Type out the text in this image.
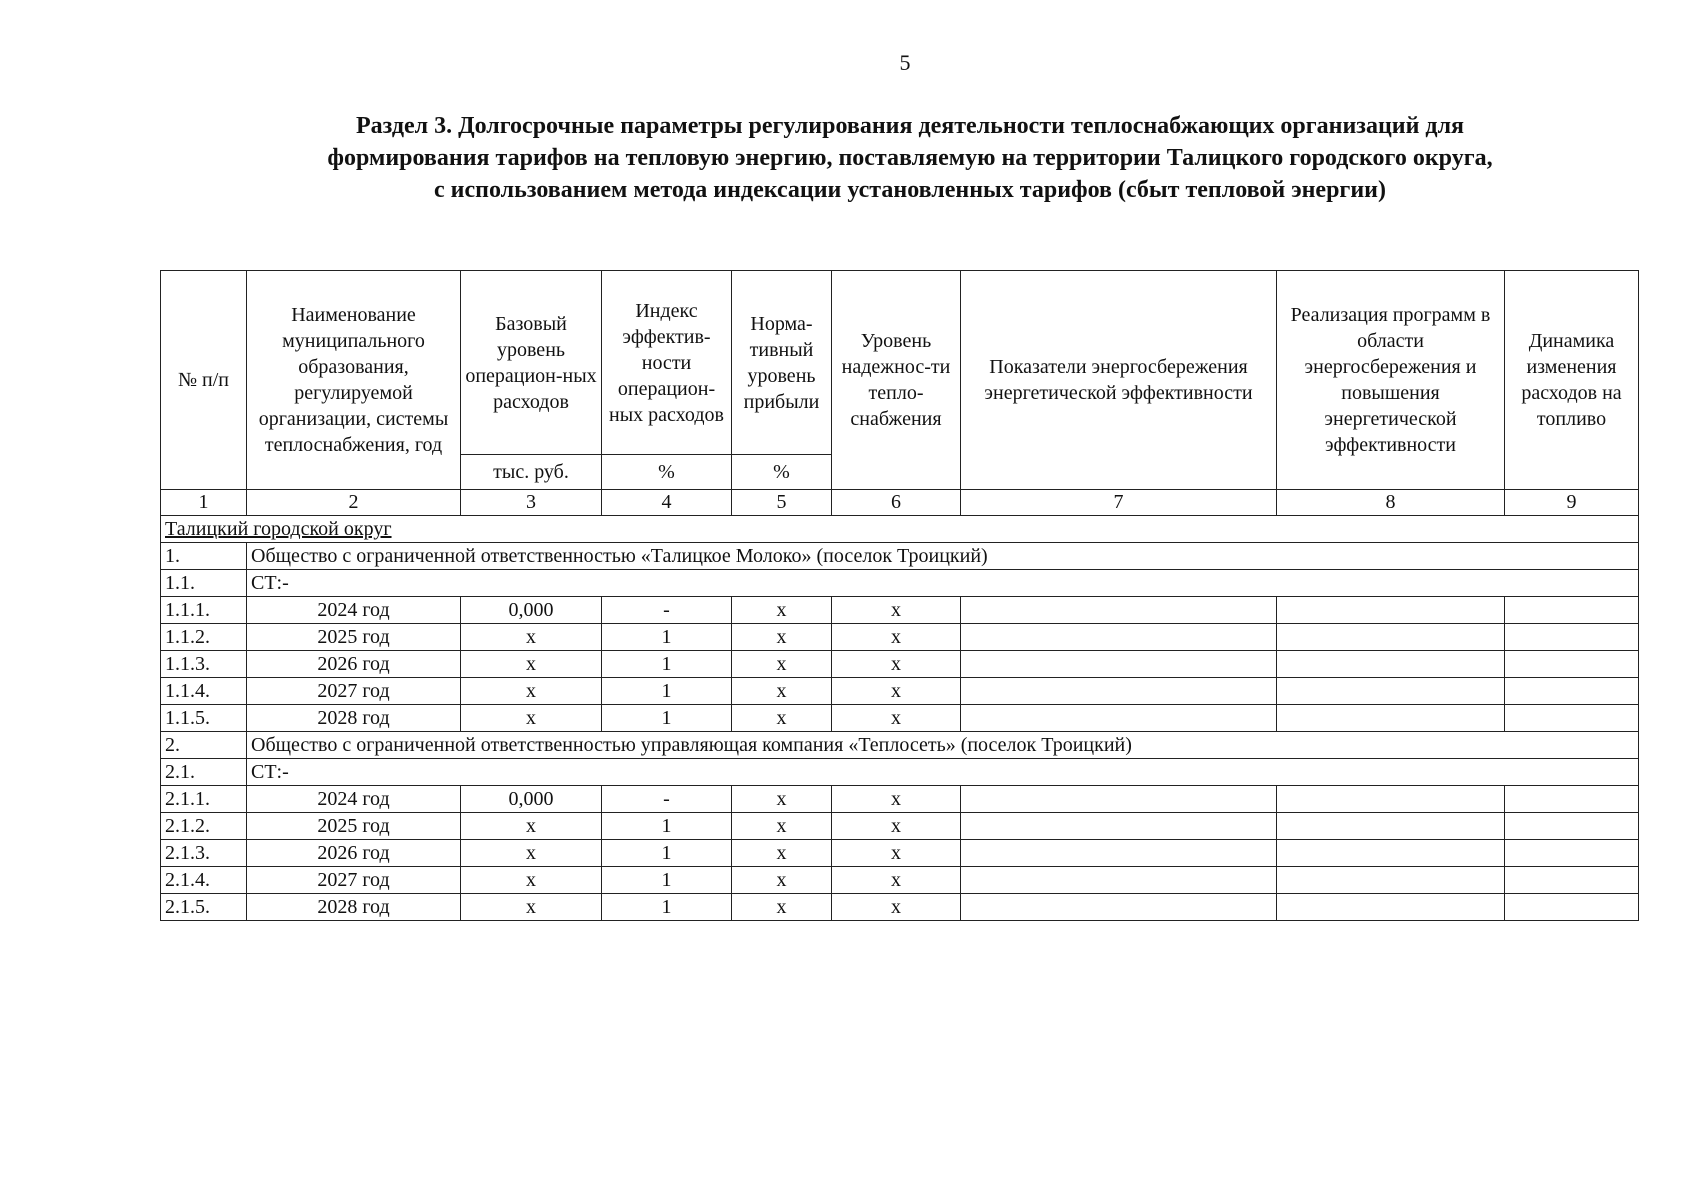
5
Раздел 3. Долгосрочные параметры регулирования деятельности теплоснабжающих организаций для
формирования тарифов на тепловую энергию, поставляемую на территории Талицкого городского округа,
с использованием метода индексации установленных тарифов (сбыт тепловой энергии)
№ п/п	Наименование муниципального образования, регулируемой организации, системы теплоснабжения, год	Базовый уровень операцион-ных расходов	Индекс эффектив-ности операцион-ных расходов	Норма-тивный уровень прибыли	Уровень надежнос-ти тепло-снабжения	Показатели энергосбережения энергетической эффективности	Реализация программ в области энергосбережения и повышения энергетической эффективности	Динамика изменения расходов на топливо
		тыс. руб.	%	%				
1	2	3	4	5	6	7	8	9
Талицкий городской округ								
1.	Общество с ограниченной ответственностью «Талицкое Молоко» (поселок Троицкий)							
1.1.	СТ:-							
1.1.1.	2024 год	0,000	-	х	х			
1.1.2.	2025 год	х	1	х	х			
1.1.3.	2026 год	х	1	х	х			
1.1.4.	2027 год	х	1	х	х			
1.1.5.	2028 год	х	1	х	х			
2.	Общество с ограниченной ответственностью управляющая компания «Теплосеть» (поселок Троицкий)							
2.1.	СТ:-							
2.1.1.	2024 год	0,000	-	х	х			
2.1.2.	2025 год	х	1	х	х			
2.1.3.	2026 год	х	1	х	х			
2.1.4.	2027 год	х	1	х	х			
2.1.5.	2028 год	х	1	х	х			
